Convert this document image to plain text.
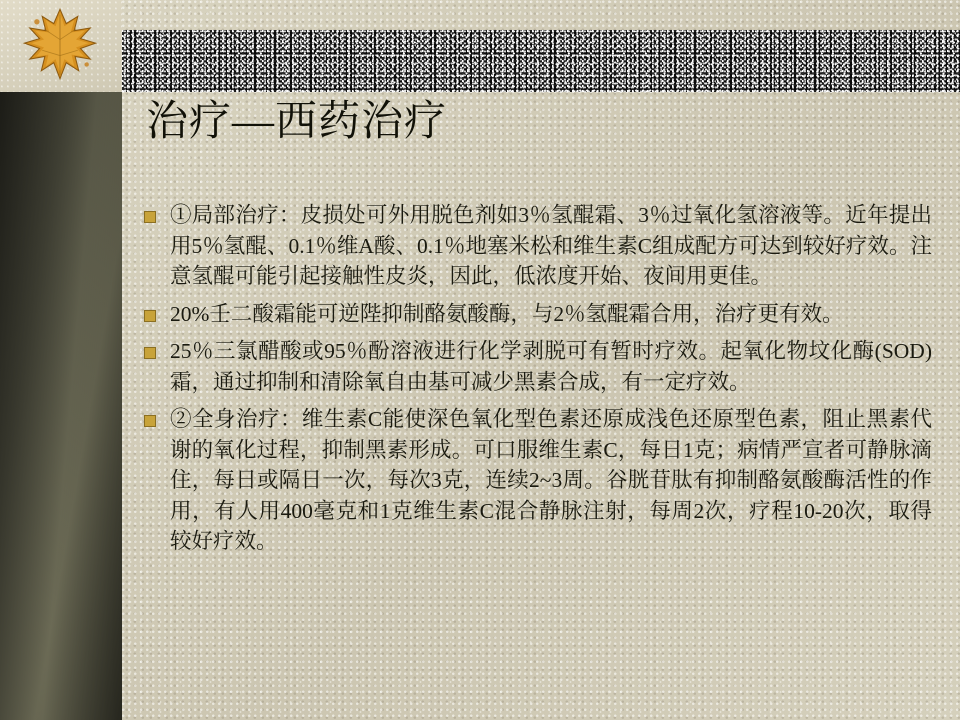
治疗—西药治疗
①局部治疗：皮损处可外用脱色剂如3％氢醌霜、3％过氧化氢溶液等。近年提出用5％氢醌、0.1％维A酸、0.1％地塞米松和维生素C组成配方可达到较好疗效。注意氢醌可能引起接触性皮炎，因此，低浓度开始、夜间用更佳。
20%壬二酸霜能可逆陛抑制酪氨酸酶，与2％氢醌霜合用，治疗更有效。
25％三氯醋酸或95％酚溶液进行化学剥脱可有暂时疗效。起氧化物坟化酶(SOD)霜，通过抑制和清除氧自由基可减少黑素合成，有一定疗效。
②全身治疗：维生素C能使深色氧化型色素还原成浅色还原型色素，阻止黑素代谢的氧化过程，抑制黑素形成。可口服维生素C，每日1克；病情严宣者可静脉滴住，每日或隔日一次，每次3克，连续2~3周。谷胱苷肽有抑制酪氨酸酶活性的作用，有人用400毫克和1克维生素C混合静脉注射，每周2次，疗程10-20次，取得较好疗效。
